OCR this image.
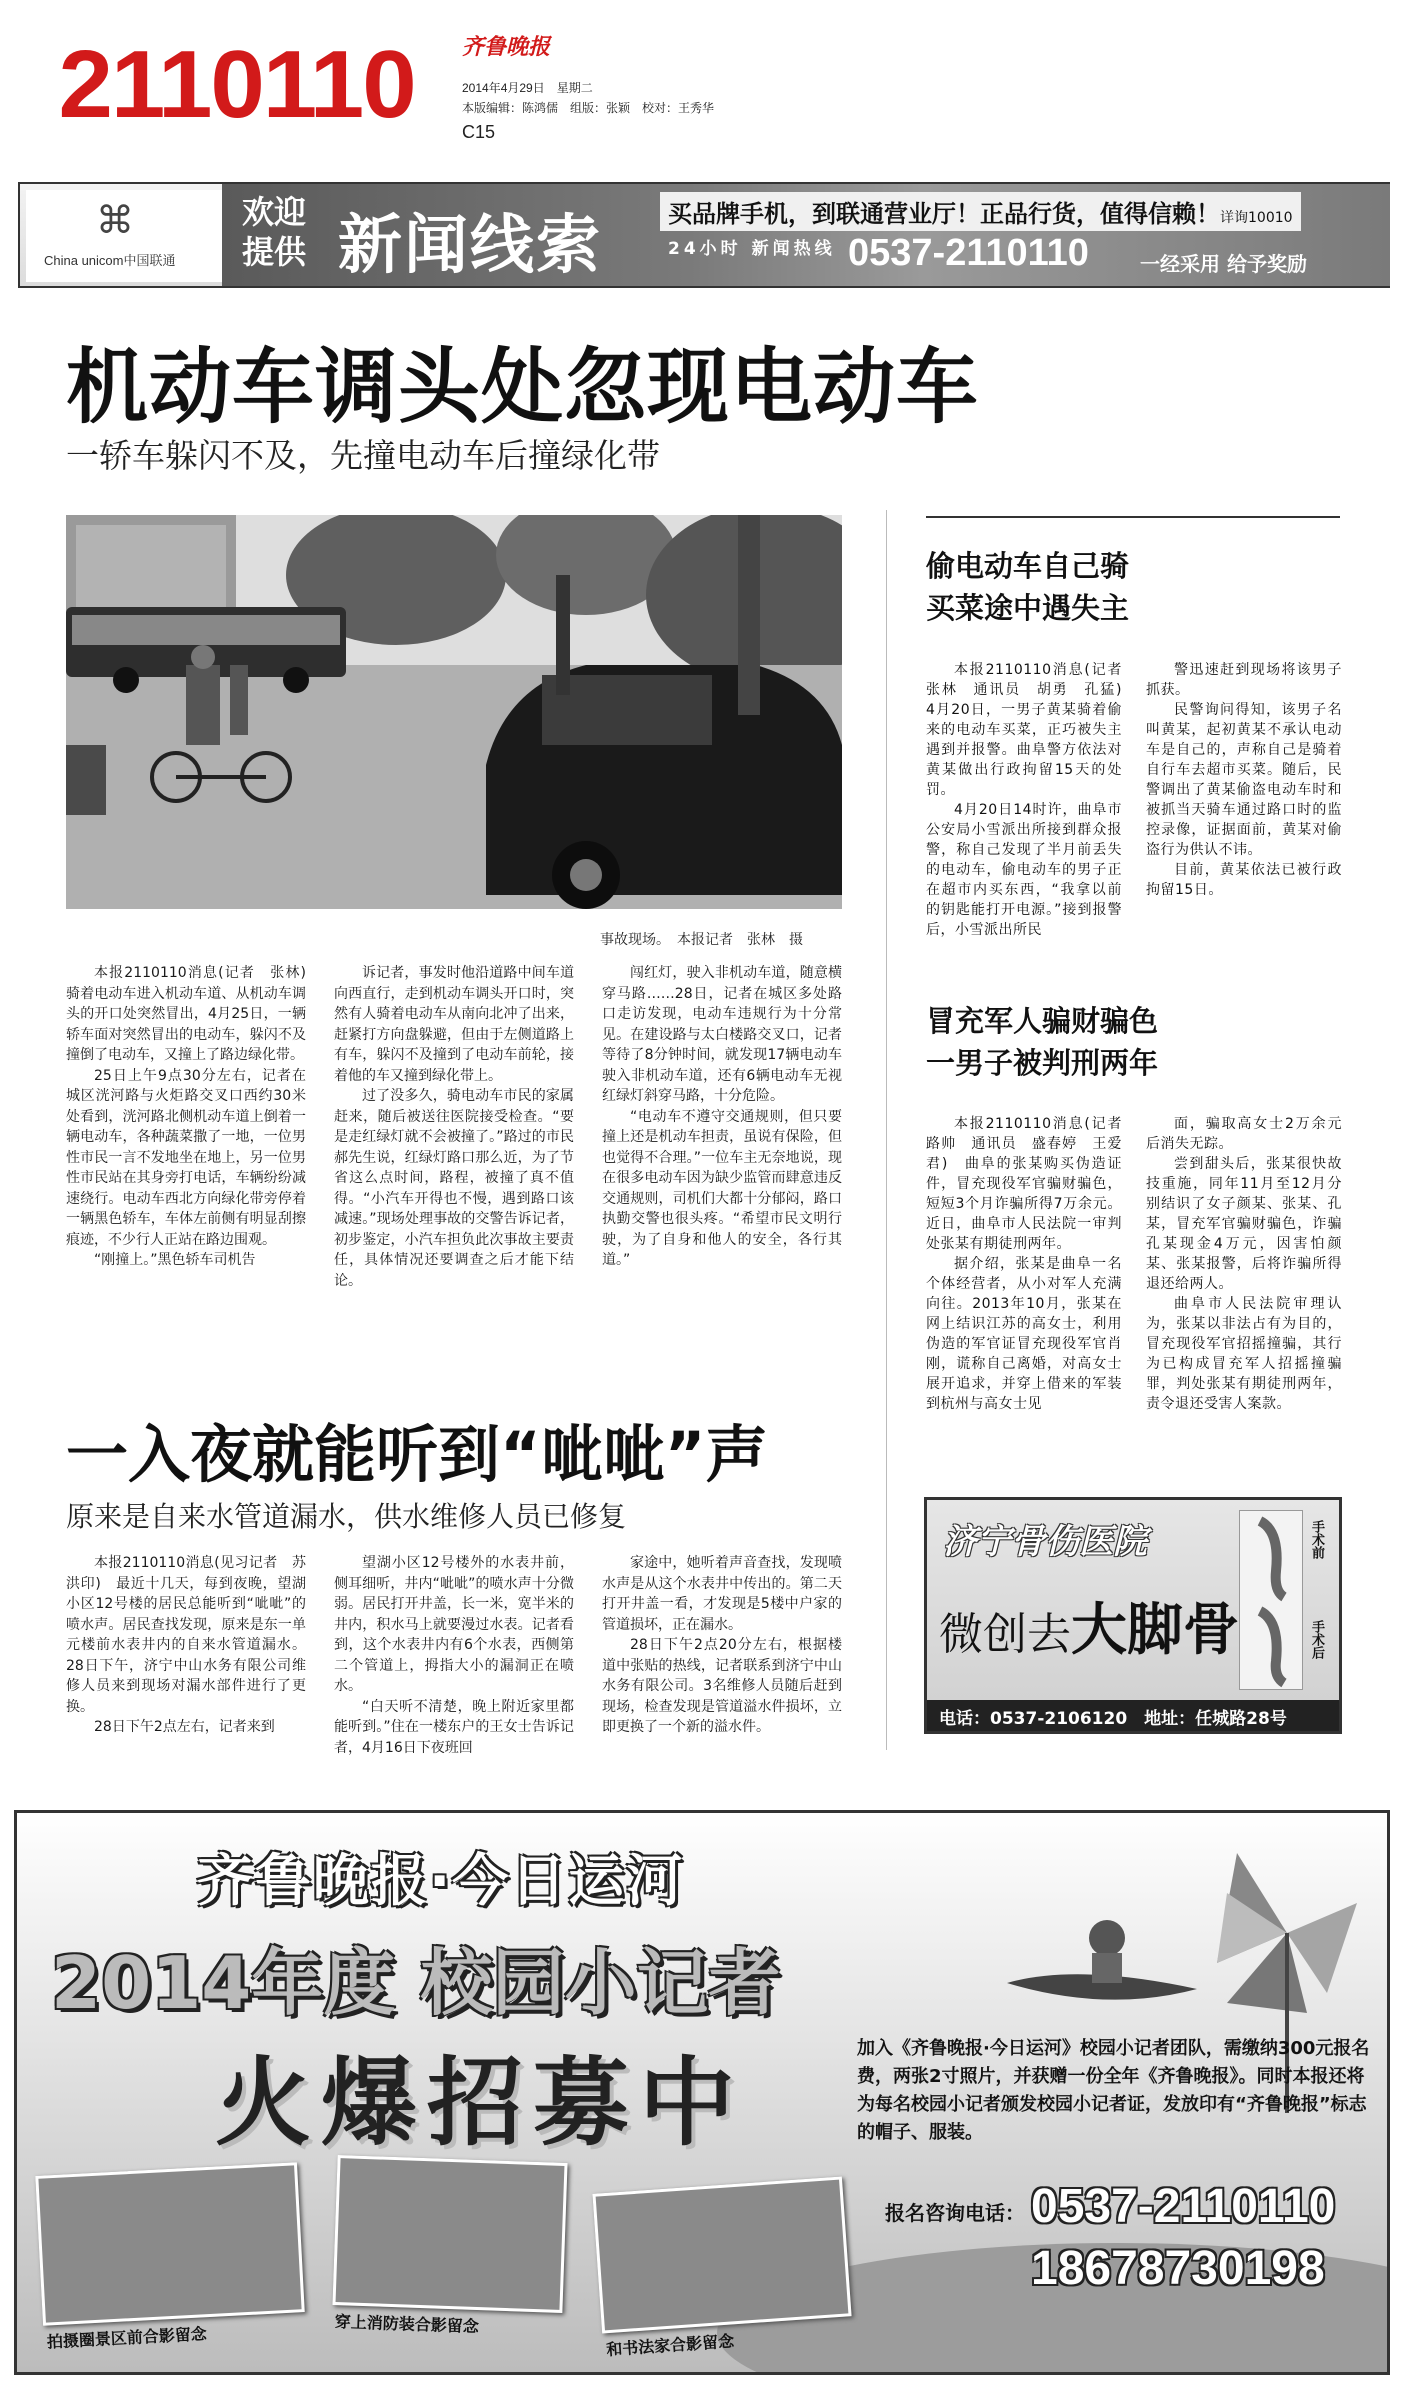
2110110 齐鲁晚报
2014年4月29日　星期二
本版编辑：陈鸿儒　组版：张颖　校对：王秀华
C15
⌘
China unicom中国联通
欢迎提供 新闻线索	买品牌手机，到联通营业厅！正品行货，值得信赖！详询10010
24小时 新闻热线 0537-2110110	一经采用 给予奖励
机动车调头处忽现电动车
一轿车躲闪不及，先撞电动车后撞绿化带
事故现场。　本报记者　张林　摄

本报2110110消息(记者　张林)　骑着电动车进入机动车道、从机动车调头的开口处突然冒出，4月25日，一辆轿车面对突然冒出的电动车，躲闪不及撞倒了电动车，又撞上了路边绿化带。

25日上午9点30分左右，记者在城区洸河路与火炬路交叉口西约30米处看到，洸河路北侧机动车道上倒着一辆电动车，各种蔬菜撒了一地，一位男性市民一言不发地坐在地上，另一位男性市民站在其身旁打电话，车辆纷纷减速绕行。电动车西北方向绿化带旁停着一辆黑色轿车，车体左前侧有明显刮擦痕迹，不少行人正站在路边围观。

“刚撞上。”黑色轿车司机告

诉记者，事发时他沿道路中间车道向西直行，走到机动车调头开口时，突然有人骑着电动车从南向北冲了出来，赶紧打方向盘躲避，但由于左侧道路上有车，躲闪不及撞到了电动车前轮，接着他的车又撞到绿化带上。

过了没多久，骑电动车市民的家属赶来，随后被送往医院接受检查。“要是走红绿灯就不会被撞了。”路过的市民郝先生说，红绿灯路口那么近，为了节省这么点时间，路程，被撞了真不值得。“小汽车开得也不慢，遇到路口该减速。”现场处理事故的交警告诉记者，初步鉴定，小汽车担负此次事故主要责任，具体情况还要调查之后才能下结论。

闯红灯，驶入非机动车道，随意横穿马路……28日，记者在城区多处路口走访发现，电动车违规行为十分常见。在建设路与太白楼路交叉口，记者等待了8分钟时间，就发现17辆电动车驶入非机动车道，还有6辆电动车无视红绿灯斜穿马路，十分危险。

“电动车不遵守交通规则，但只要撞上还是机动车担责，虽说有保险，但也觉得不合理。”一位车主无奈地说，现在很多电动车因为缺少监管而肆意违反交通规则，司机们大都十分郁闷，路口执勤交警也很头疼。“希望市民文明行驶，为了自身和他人的安全，各行其道。”

一入夜就能听到“呲呲”声
原来是自来水管道漏水，供水维修人员已修复

本报2110110消息(见习记者　苏洪印)　最近十几天，每到夜晚，望湖小区12号楼的居民总能听到“呲呲”的喷水声。居民查找发现，原来是东一单元楼前水表井内的自来水管道漏水。28日下午，济宁中山水务有限公司维修人员来到现场对漏水部件进行了更换。

28日下午2点左右，记者来到

望湖小区12号楼外的水表井前，侧耳细听，井内“呲呲”的喷水声十分微弱。居民打开井盖，长一米，宽半米的井内，积水马上就要漫过水表。记者看到，这个水表井内有6个水表，西侧第二个管道上，拇指大小的漏洞正在喷水。

“白天听不清楚，晚上附近家里都能听到。”住在一楼东户的王女士告诉记者，4月16日下夜班回

家途中，她听着声音查找，发现喷水声是从这个水表井中传出的。第二天打开井盖一看，才发现是5楼中户家的管道损坏，正在漏水。

28日下午2点20分左右，根据楼道中张贴的热线，记者联系到济宁中山水务有限公司。3名维修人员随后赶到现场，检查发现是管道溢水件损坏，立即更换了一个新的溢水件。

偷电动车自己骑
买菜途中遇失主

本报2110110消息(记者　张林　通讯员　胡勇　孔猛)　4月20日，一男子黄某骑着偷来的电动车买菜，正巧被失主遇到并报警。曲阜警方依法对黄某做出行政拘留15天的处罚。

4月20日14时许，曲阜市公安局小雪派出所接到群众报警，称自己发现了半月前丢失的电动车，偷电动车的男子正在超市内买东西，“我拿以前的钥匙能打开电源。”接到报警后，小雪派出所民

警迅速赶到现场将该男子抓获。

民警询问得知，该男子名叫黄某，起初黄某不承认电动车是自己的，声称自己是骑着自行车去超市买菜。随后，民警调出了黄某偷盗电动车时和被抓当天骑车通过路口时的监控录像，证据面前，黄某对偷盗行为供认不讳。

目前，黄某依法已被行政拘留15日。

冒充军人骗财骗色
一男子被判刑两年

本报2110110消息(记者　路帅　通讯员　盛春婷　王爱君)　曲阜的张某购买伪造证件，冒充现役军官骗财骗色，短短3个月诈骗所得7万余元。近日，曲阜市人民法院一审判处张某有期徒刑两年。

据介绍，张某是曲阜一名个体经营者，从小对军人充满向往。2013年10月，张某在网上结识江苏的高女士，利用伪造的军官证冒充现役军官肖刚，谎称自己离婚，对高女士展开追求，并穿上借来的军装到杭州与高女士见

面，骗取高女士2万余元后消失无踪。

尝到甜头后，张某很快故技重施，同年11月至12月分别结识了女子颜某、张某、孔某，冒充军官骗财骗色，诈骗孔某现金4万元，因害怕颜某、张某报警，后将诈骗所得退还给两人。

曲阜市人民法院审理认为，张某以非法占有为目的，冒充现役军官招摇撞骗，其行为已构成冒充军人招摇撞骗罪，判处张某有期徒刑两年，责令退还受害人案款。

济宁骨伤医院
微创去大脚骨
手术前
手术后
电话：0537-2106120　地址：任城路28号
齐鲁晚报·今日运河
2014年度 校园小记者
火爆招募中	加入《齐鲁晚报·今日运河》校园小记者团队，需缴纳300元报名费，两张2寸照片，并获赠一份全年《齐鲁晚报》。同时本报还将为每名校园小记者颁发校园小记者证，发放印有“齐鲁晚报”标志的帽子、服装。
报名咨询电话： 0537-2110110
18678730198
拍摄圈景区前合影留念
穿上消防装合影留念
和书法家合影留念
